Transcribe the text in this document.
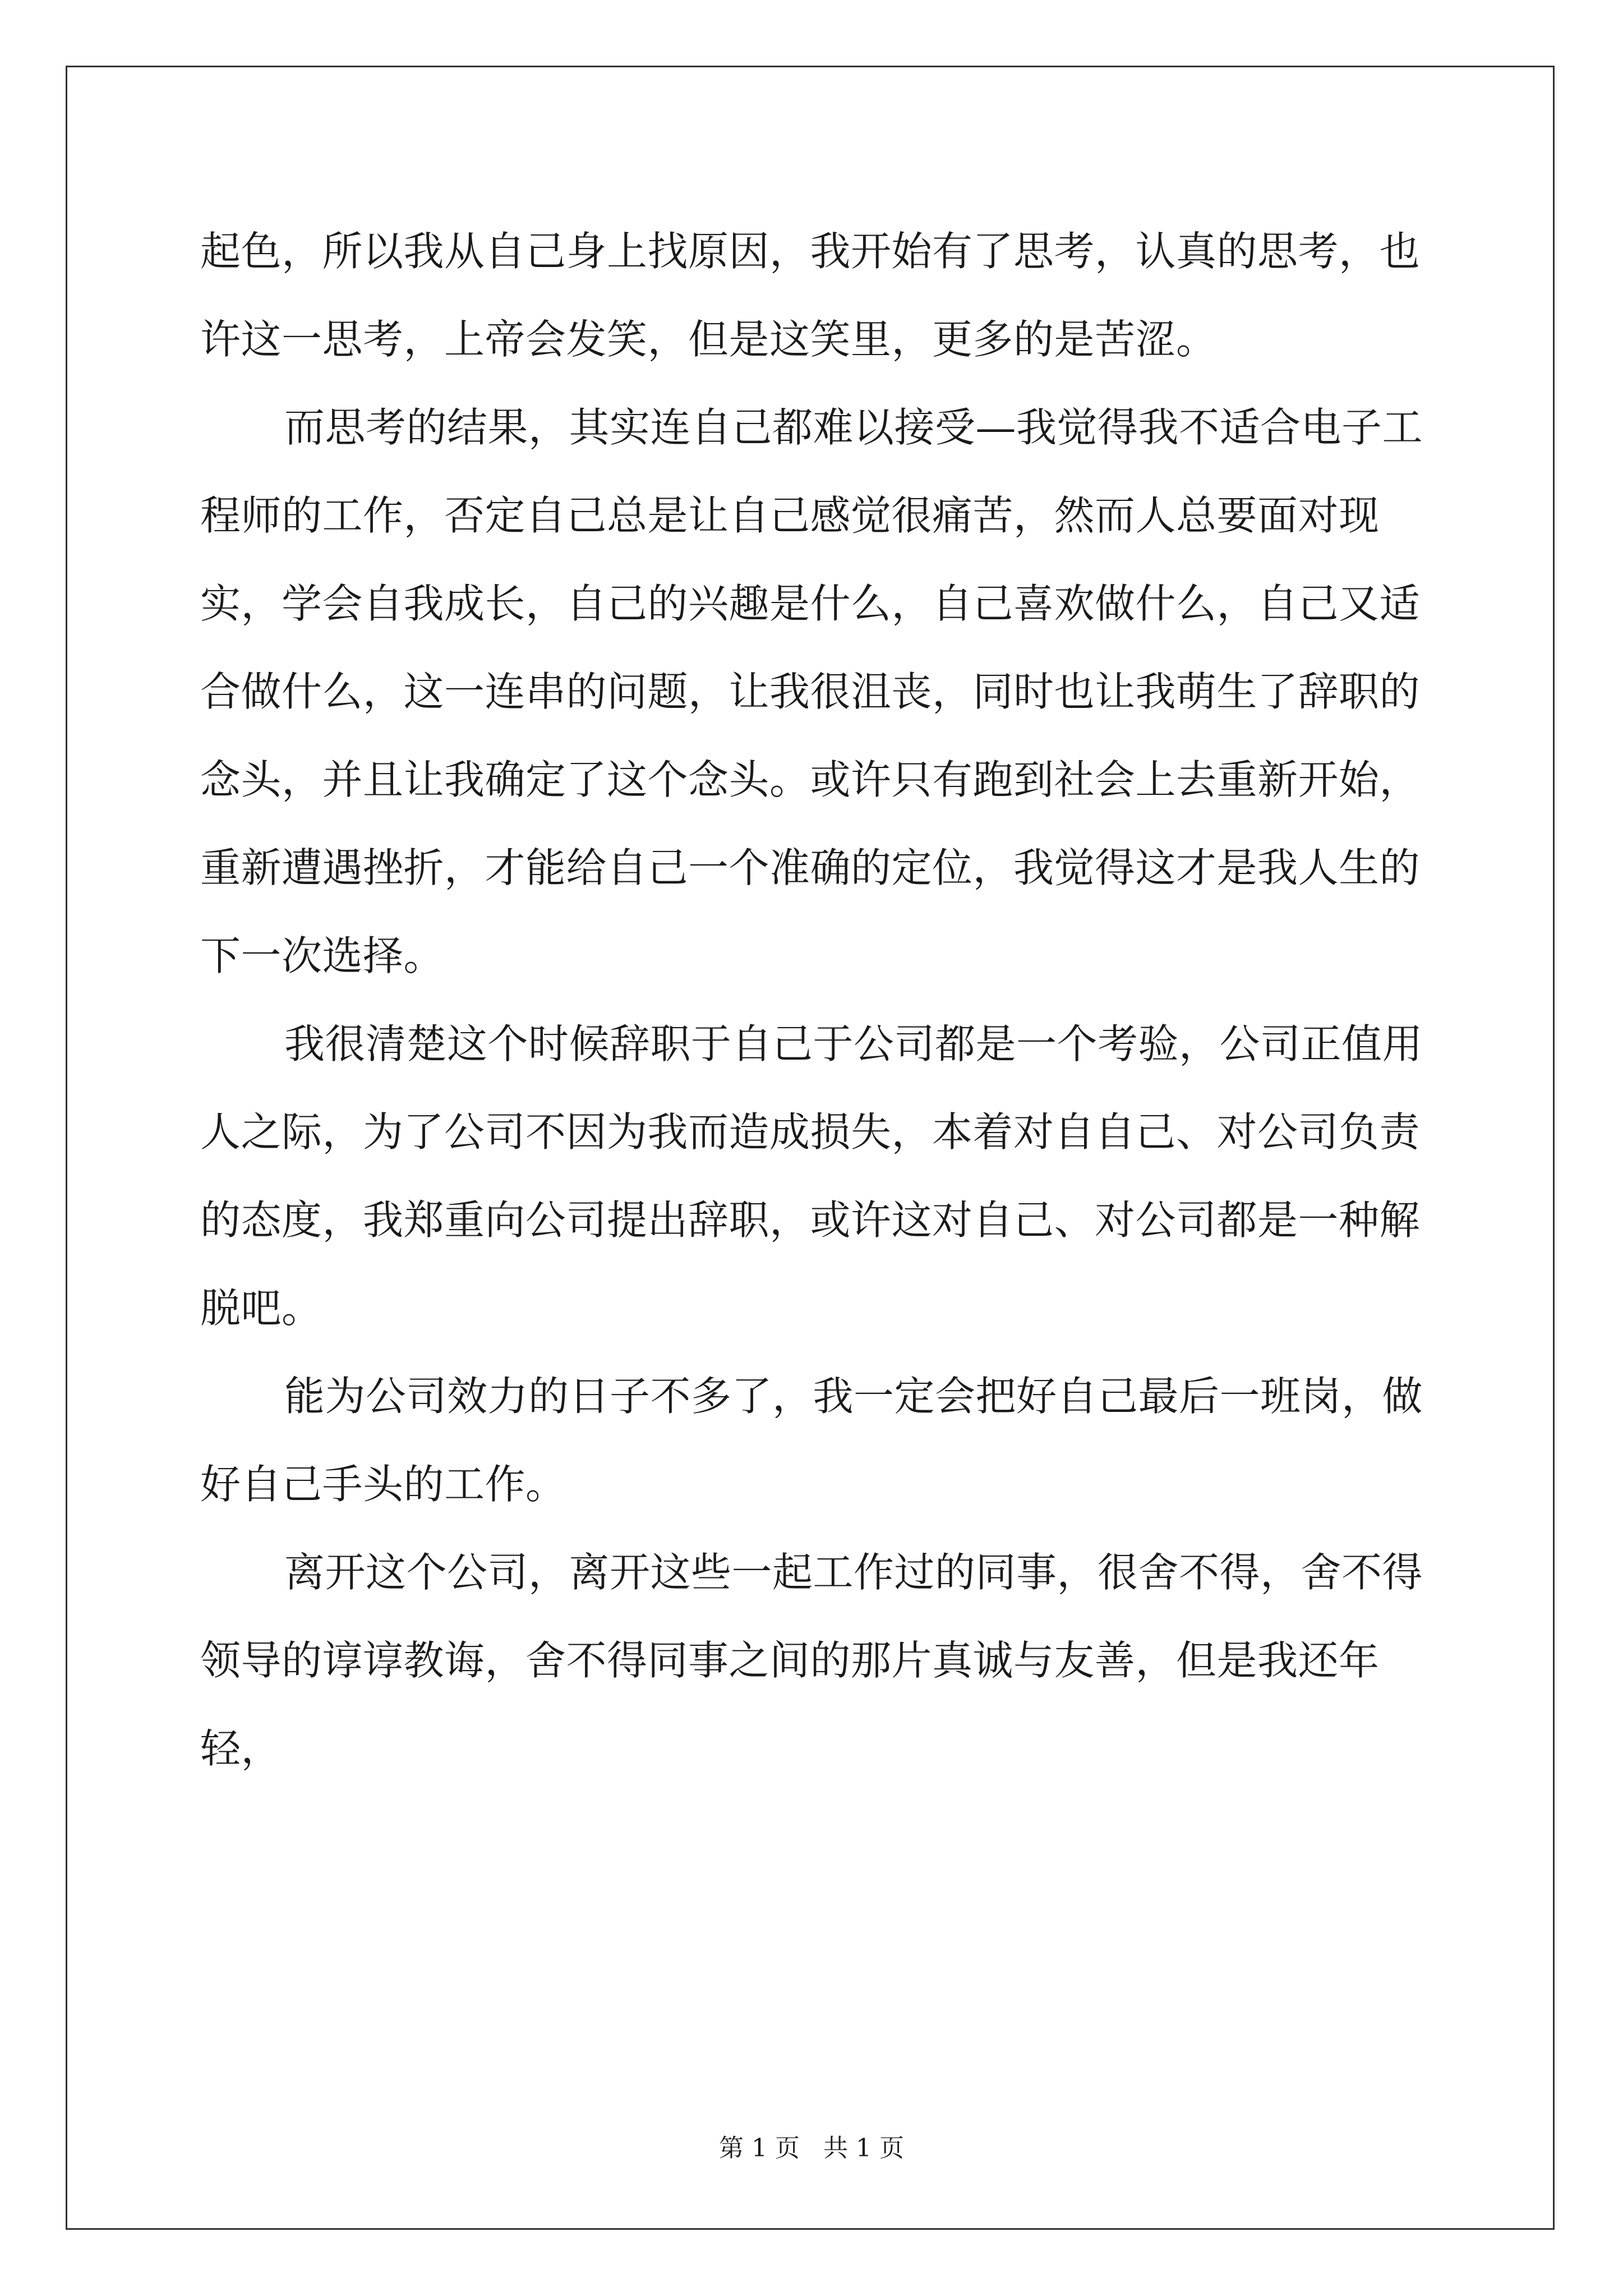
起色，所以我从自己身上找原因，我开始有了思考，认真的思考，也许这一思考，上帝会发笑，但是这笑里，更多的是苦涩。

而思考的结果，其实连自己都难以接受—我觉得我不适合电子工程师的工作，否定自己总是让自己感觉很痛苦，然而人总要面对现实，学会自我成长，自己的兴趣是什么，自己喜欢做什么，自己又适合做什么，这一连串的问题，让我很沮丧，同时也让我萌生了辞职的念头，并且让我确定了这个念头。或许只有跑到社会上去重新开始，重新遭遇挫折，才能给自己一个准确的定位，我觉得这才是我人生的下一次选择。

我很清楚这个时候辞职于自己于公司都是一个考验，公司正值用人之际，为了公司不因为我而造成损失，本着对自自己、对公司负责的态度，我郑重向公司提出辞职，或许这对自己、对公司都是一种解脱吧。

能为公司效力的日子不多了，我一定会把好自己最后一班岗，做好自己手头的工作。

离开这个公司，离开这些一起工作过的同事，很舍不得，舍不得领导的谆谆教诲，舍不得同事之间的那片真诚与友善，但是我还年轻，

第 1 页   共 1 页
